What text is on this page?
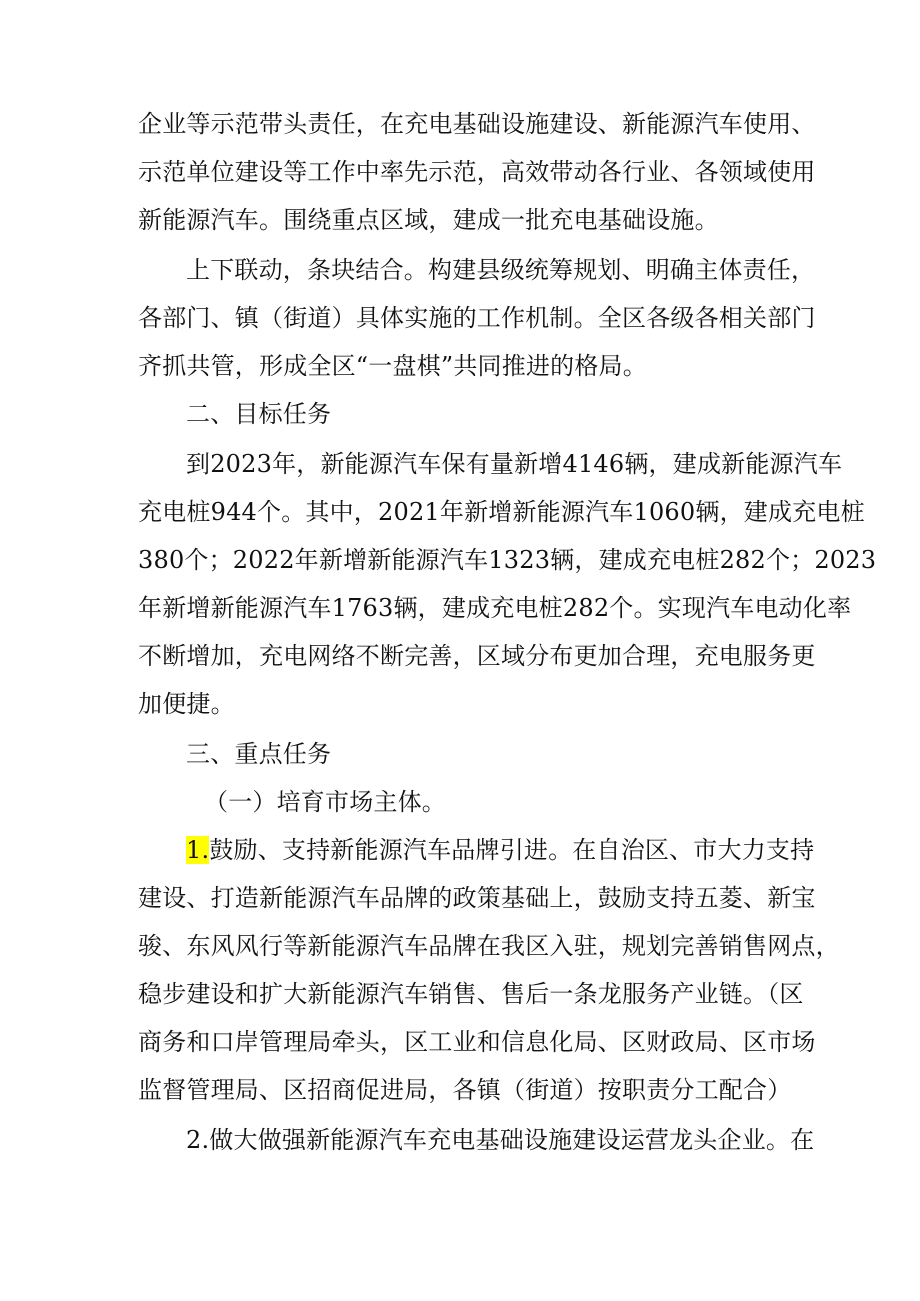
企业等示范带头责任，在充电基础设施建设、新能源汽车使用、
示范单位建设等工作中率先示范，高效带动各行业、各领域使用
新能源汽车。围绕重点区域，建成一批充电基础设施。
上下联动，条块结合。构建县级统筹规划、明确主体责任，
各部门、镇（街道）具体实施的工作机制。全区各级各相关部门
齐抓共管，形成全区“一盘棋”共同推进的格局。
二、目标任务
到2023年，新能源汽车保有量新增4146辆，建成新能源汽车
充电桩944个。其中，2021年新增新能源汽车1060辆，建成充电桩
380个；2022年新增新能源汽车1323辆，建成充电桩282个；2023
年新增新能源汽车1763辆，建成充电桩282个。实现汽车电动化率
不断增加，充电网络不断完善，区域分布更加合理，充电服务更
加便捷。
三、重点任务
（一）培育市场主体。
1.鼓励、支持新能源汽车品牌引进。在自治区、市大力支持
建设、打造新能源汽车品牌的政策基础上，鼓励支持五菱、新宝
骏、东风风行等新能源汽车品牌在我区入驻，规划完善销售网点，
稳步建设和扩大新能源汽车销售、售后一条龙服务产业链。（区
商务和口岸管理局牵头，区工业和信息化局、区财政局、区市场
监督管理局、区招商促进局，各镇（街道）按职责分工配合）
2.做大做强新能源汽车充电基础设施建设运营龙头企业。在
